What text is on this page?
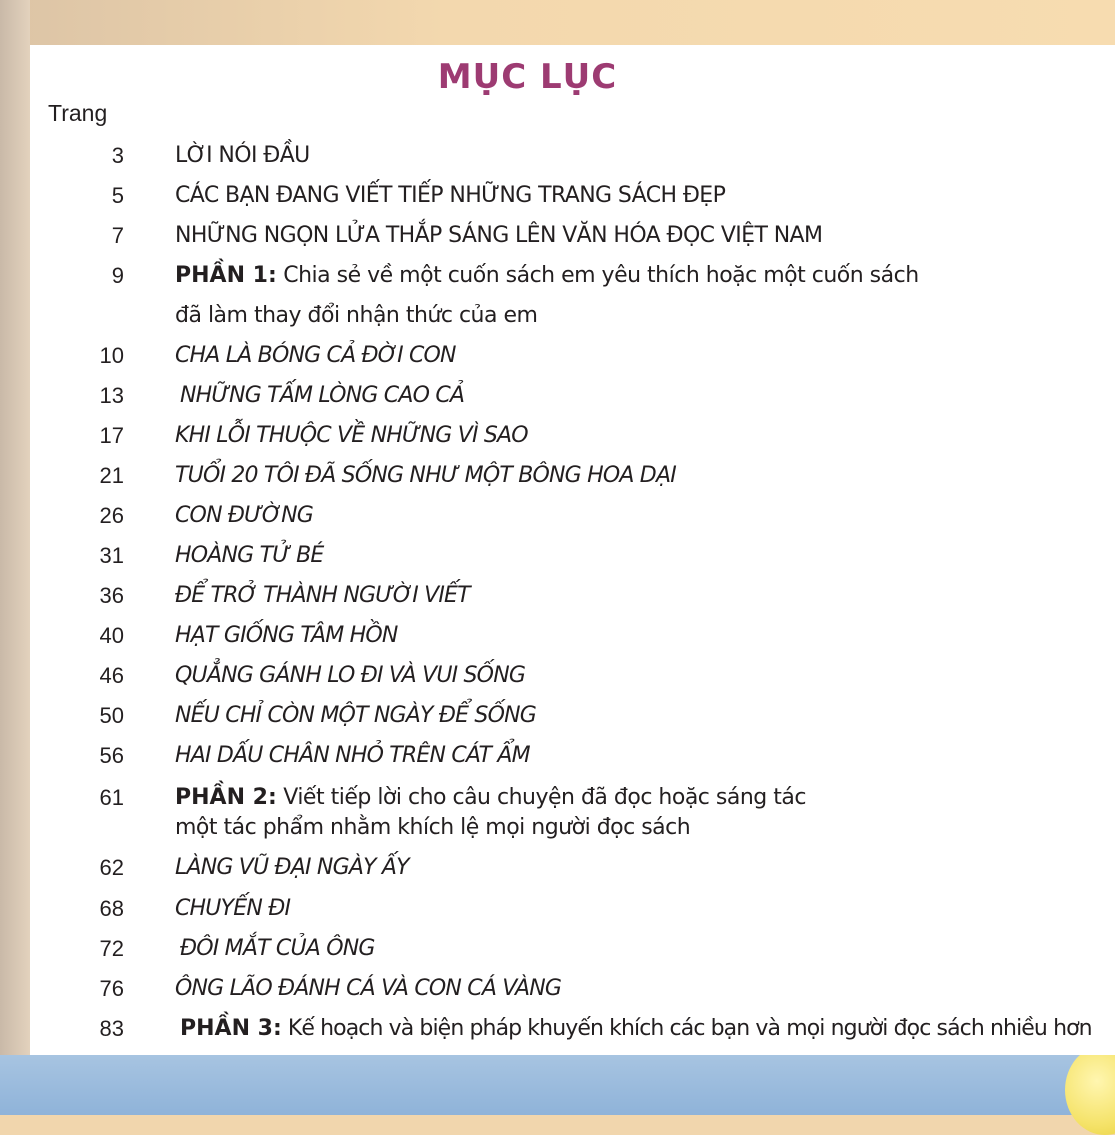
MỤC LỤC
Trang
3 LỜI NÓI ĐẦU
5 CÁC BẠN ĐANG VIẾT TIẾP NHỮNG TRANG SÁCH ĐẸP
7 NHỮNG NGỌN LỬA THẮP SÁNG LÊN VĂN HÓA ĐỌC VIỆT NAM
9 PHẦN 1: Chia sẻ về một cuốn sách em yêu thích hoặc một cuốn sách
đã làm thay đổi nhận thức của em
10 CHA LÀ BÓNG CẢ ĐỜI CON
13	NHỮNG TẤM LÒNG CAO CẢ
17 KHI LỖI THUỘC VỀ NHỮNG VÌ SAO
21 TUỔI 20 TÔI ĐÃ SỐNG NHƯ MỘT BÔNG HOA DẠI
26 CON ĐƯỜNG
31 HOÀNG TỬ BÉ
36 ĐỂ TRỞ THÀNH NGƯỜI VIẾT
40 HẠT GIỐNG TÂM HỒN
46 QUẲNG GÁNH LO ĐI VÀ VUI SỐNG
50 NẾU CHỈ CÒN MỘT NGÀY ĐỂ SỐNG
56 HAI DẤU CHÂN NHỎ TRÊN CÁT ẨM
61 PHẦN 2: Viết tiếp lời cho câu chuyện đã đọc hoặc sáng tác
một tác phẩm nhằm khích lệ mọi người đọc sách
62 LÀNG VŨ ĐẠI NGÀY ẤY
68 CHUYẾN ĐI
72	ĐÔI MẮT CỦA ÔNG
76 ÔNG LÃO ĐÁNH CÁ VÀ CON CÁ VÀNG
83	PHẦN 3: Kế hoạch và biện pháp khuyến khích các bạn và mọi người đọc sách nhiều hơn
